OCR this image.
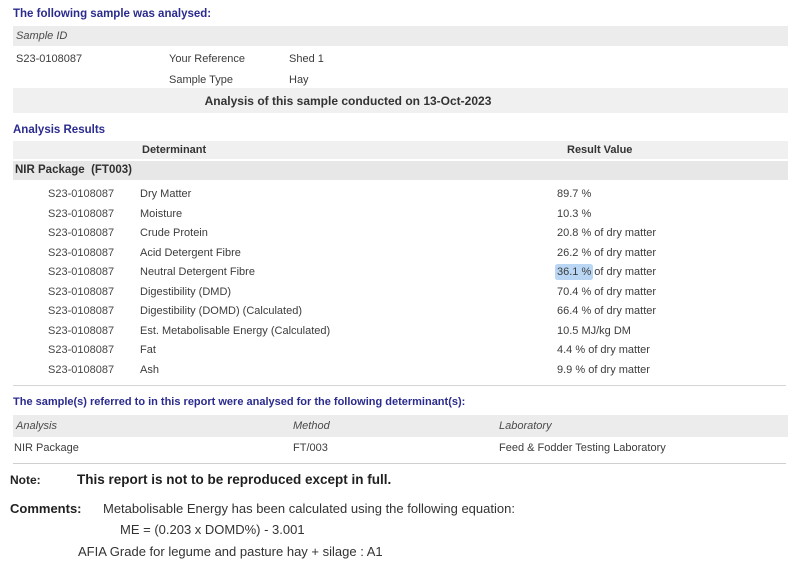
The following sample was analysed:
Sample ID
S23-0108087	Your Reference	Shed 1
Sample Type	Hay
Analysis of this sample conducted on 13-Oct-2023
Analysis Results
Determinant	Result Value
NIR Package  (FT003)
S23-0108087 Dry Matter	89.7 %
S23-0108087 Moisture	10.3 %
S23-0108087 Crude Protein	20.8 % of dry matter
S23-0108087 Acid Detergent Fibre	26.2 % of dry matter
S23-0108087 Neutral Detergent Fibre	36.1 % of dry matter
S23-0108087 Digestibility (DMD)	70.4 % of dry matter
S23-0108087 Digestibility (DOMD) (Calculated)	66.4 % of dry matter
S23-0108087 Est. Metabolisable Energy (Calculated)	10.5 MJ/kg DM
S23-0108087 Fat	4.4 % of dry matter
S23-0108087 Ash	9.9 % of dry matter
The sample(s) referred to in this report were analysed for the following determinant(s):
Analysis	Method	Laboratory
NIR Package	FT/003	Feed & Fodder Testing Laboratory
Note:	This report is not to be reproduced except in full.
Comments:	Metabolisable Energy has been calculated using the following equation:
ME = (0.203 x DOMD%) - 3.001
AFIA Grade for legume and pasture hay + silage : A1
